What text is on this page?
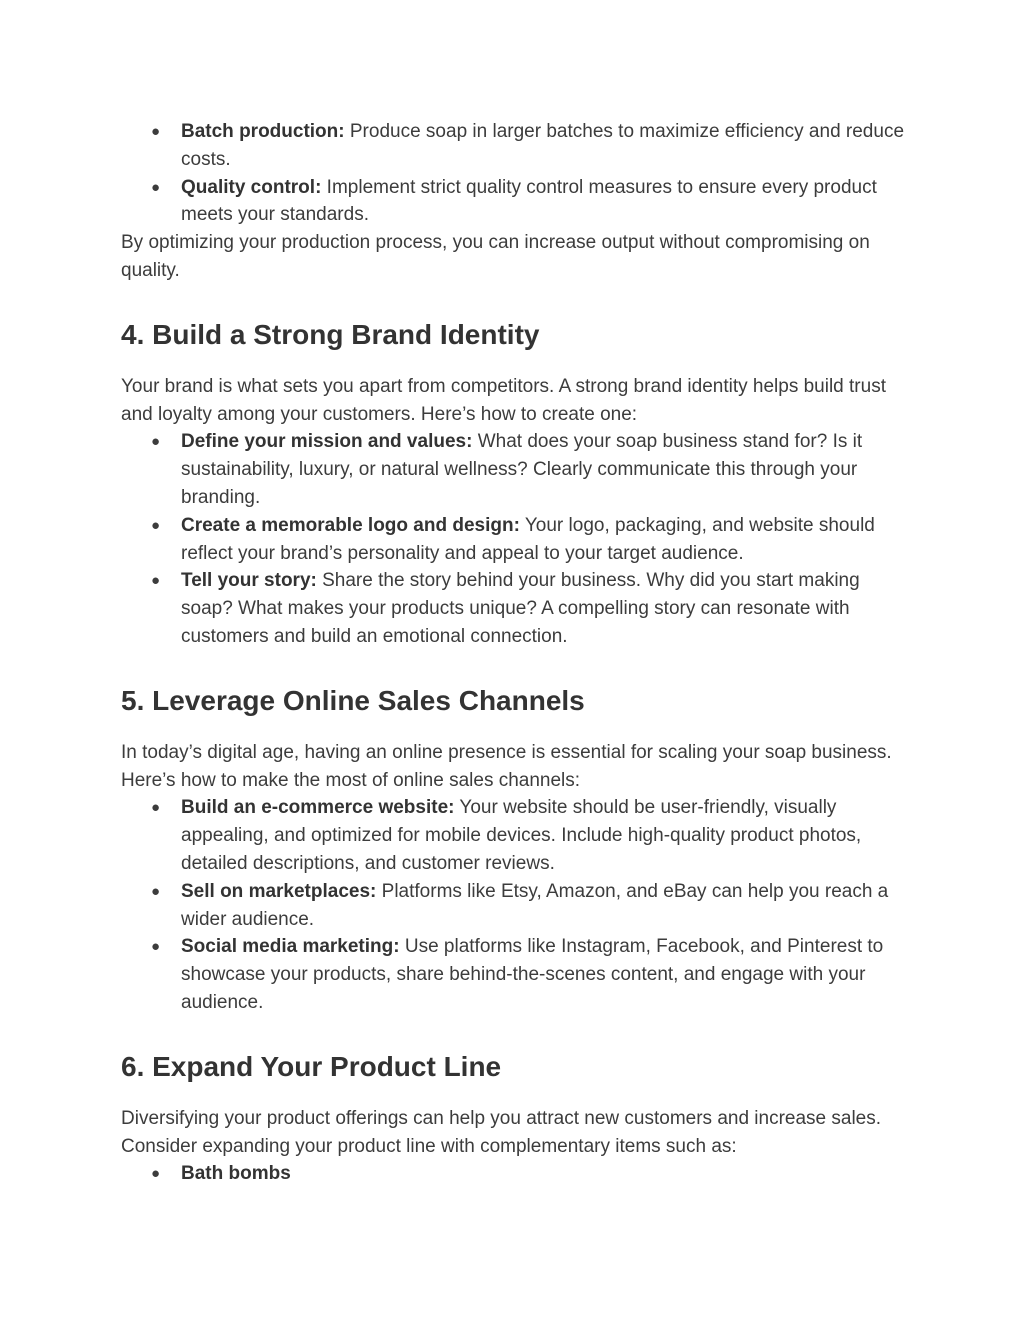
● Batch production: Produce soap in larger batches to maximize efficiency and reduce costs.
● Quality control: Implement strict quality control measures to ensure every product meets your standards.

By optimizing your production process, you can increase output without compromising on quality.

4. Build a Strong Brand Identity

Your brand is what sets you apart from competitors. A strong brand identity helps build trust and loyalty among your customers. Here’s how to create one:

● Define your mission and values: What does your soap business stand for? Is it sustainability, luxury, or natural wellness? Clearly communicate this through your branding.
● Create a memorable logo and design: Your logo, packaging, and website should reflect your brand’s personality and appeal to your target audience.
● Tell your story: Share the story behind your business. Why did you start making soap? What makes your products unique? A compelling story can resonate with customers and build an emotional connection.
5. Leverage Online Sales Channels

In today’s digital age, having an online presence is essential for scaling your soap business. Here’s how to make the most of online sales channels:

● Build an e-commerce website: Your website should be user-friendly, visually appealing, and optimized for mobile devices. Include high-quality product photos, detailed descriptions, and customer reviews.
● Sell on marketplaces: Platforms like Etsy, Amazon, and eBay can help you reach a wider audience.
● Social media marketing: Use platforms like Instagram, Facebook, and Pinterest to showcase your products, share behind-the-scenes content, and engage with your audience.
6. Expand Your Product Line

Diversifying your product offerings can help you attract new customers and increase sales. Consider expanding your product line with complementary items such as:

● Bath bombs
